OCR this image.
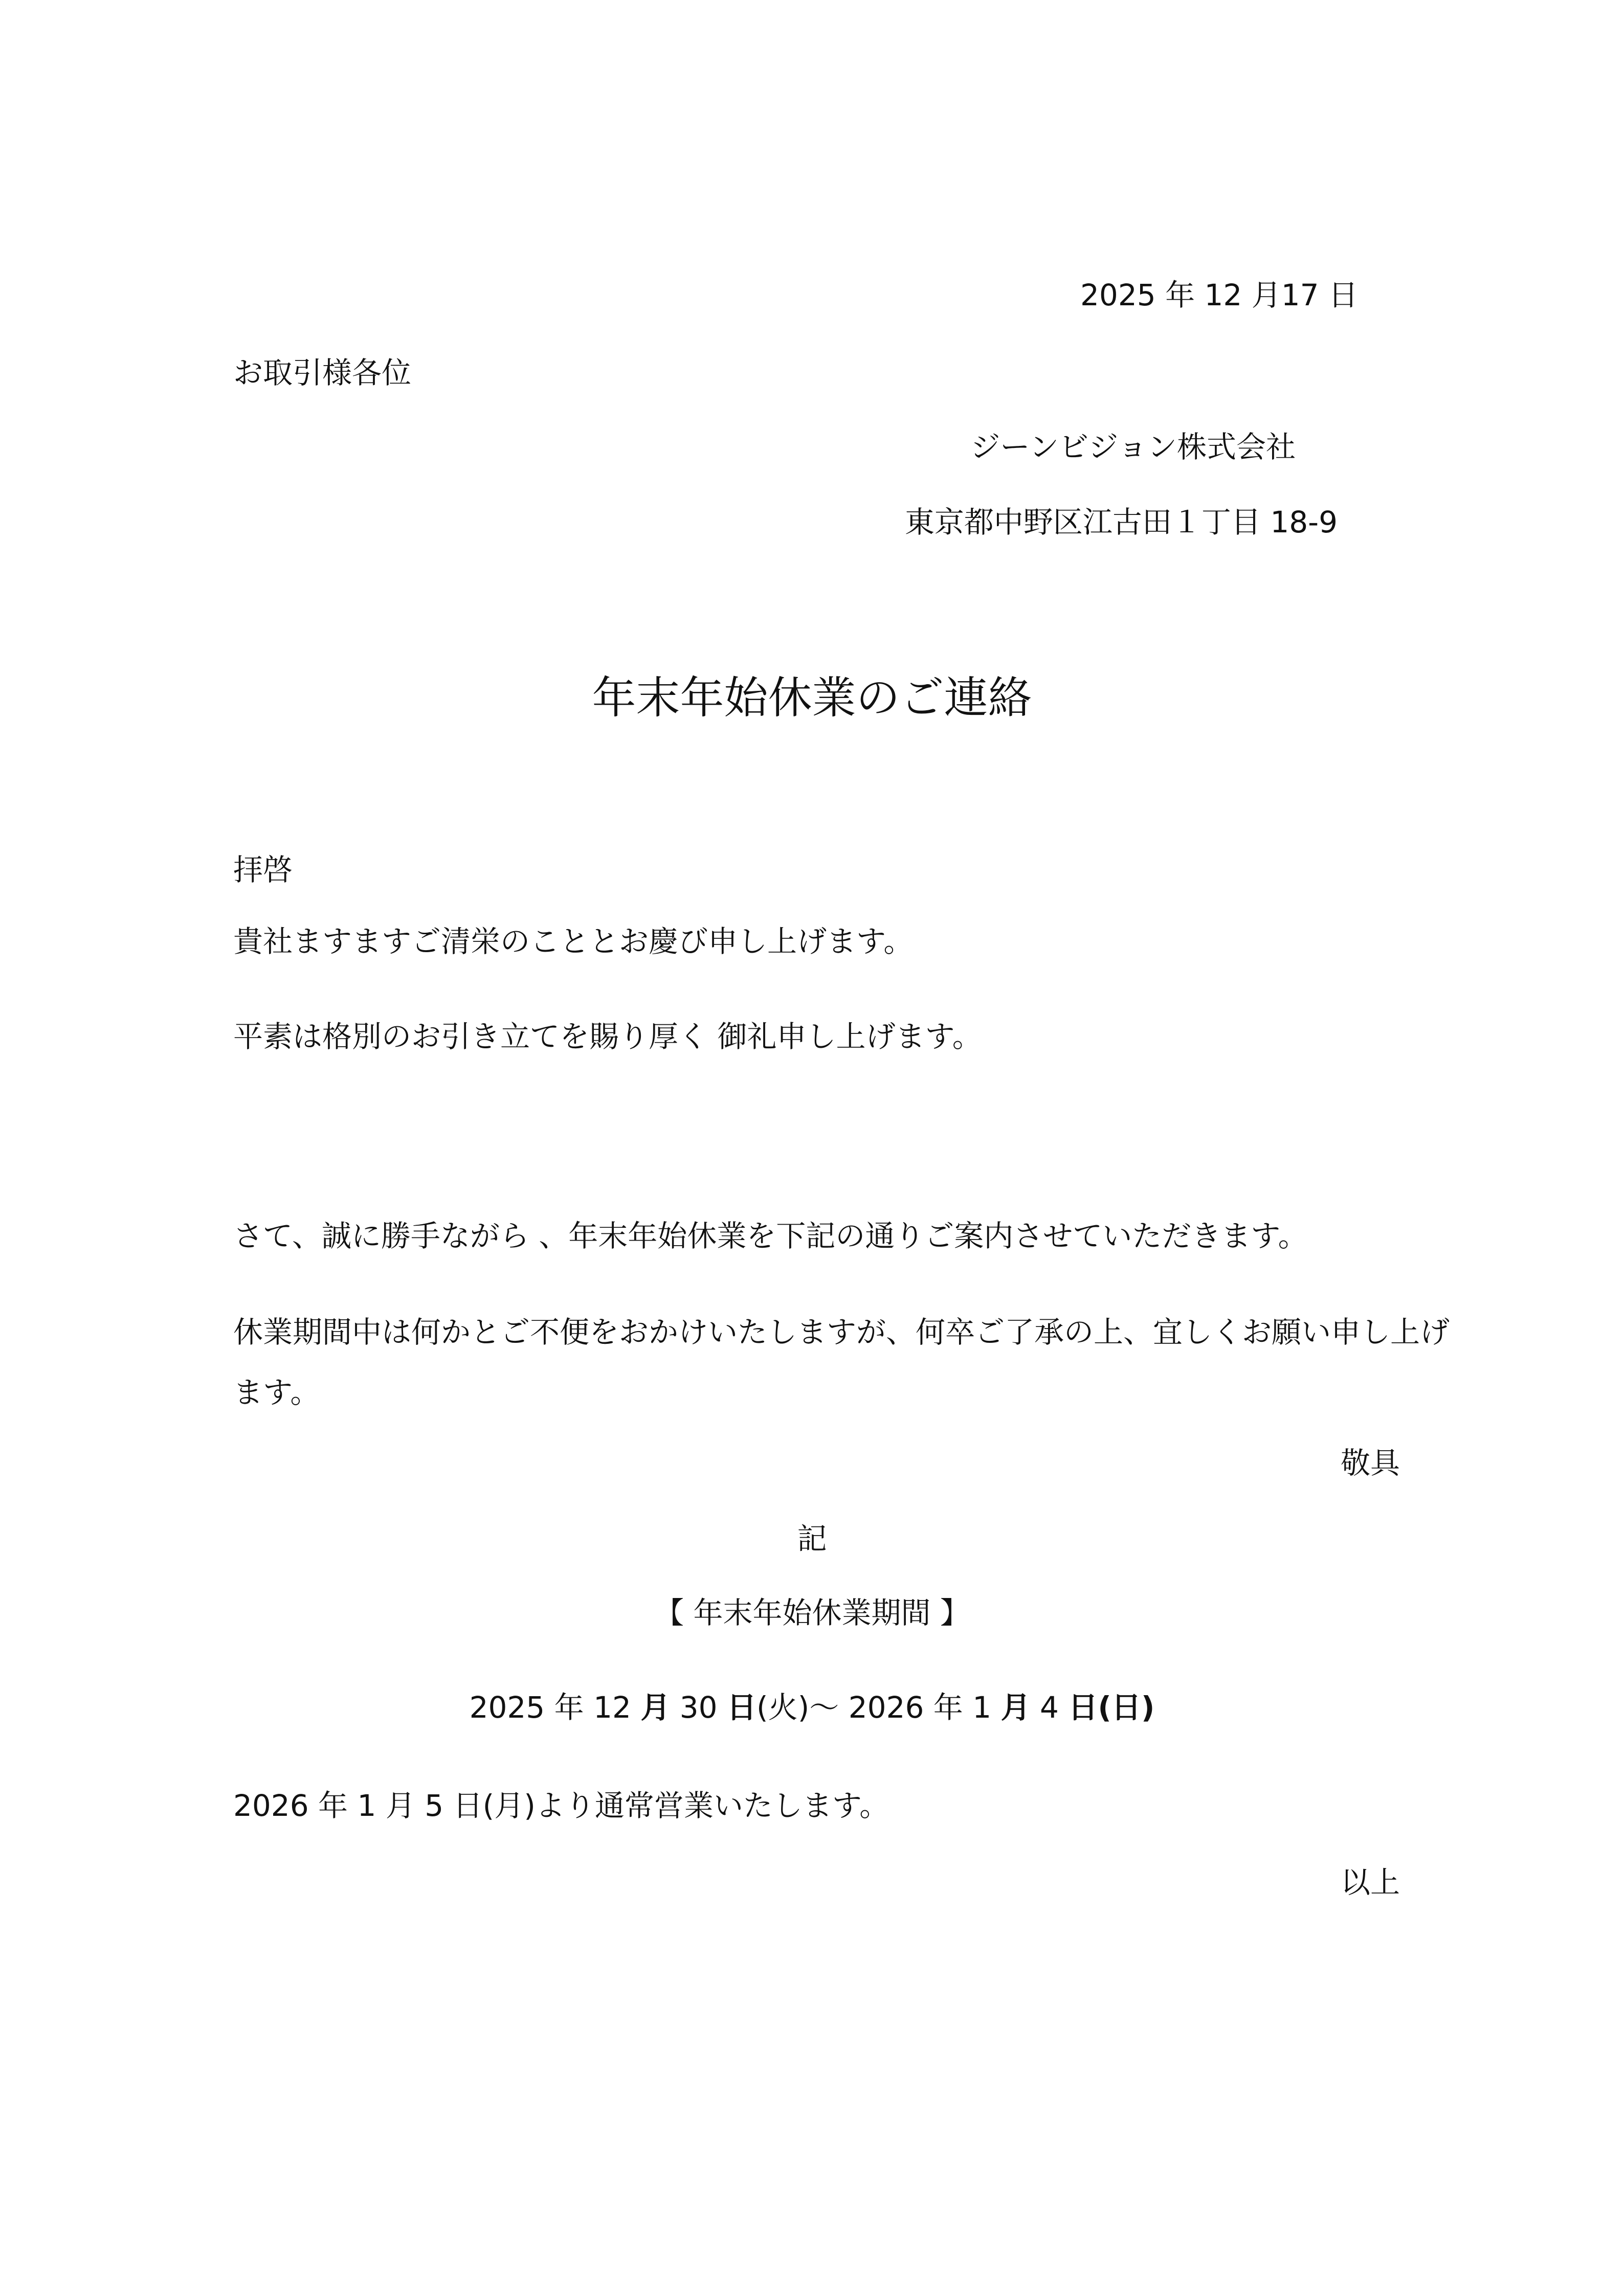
2025 年 12 月17 日
お取引様各位
ジーンビジョン株式会社
東京都中野区江古田１丁目 18-9
年末年始休業のご連絡
拝啓
貴社ますますご清栄のこととお慶び申し上げます。
平素は格別のお引き立てを賜り厚く 御礼申し上げます。
さて、誠に勝手ながら 、年末年始休業を下記の通りご案内させていただきます。
休業期間中は何かとご不便をおかけいたしますが、何卒ご了承の上、宜しくお願い申し上げ
ます。
敬具
記
【 年末年始休業期間 】
2025 年 12 月 30 日(火)～ 2026 年 1 月 4 日(日)
2026 年 1 月 5 日(月)より通常営業いたします。
以上
